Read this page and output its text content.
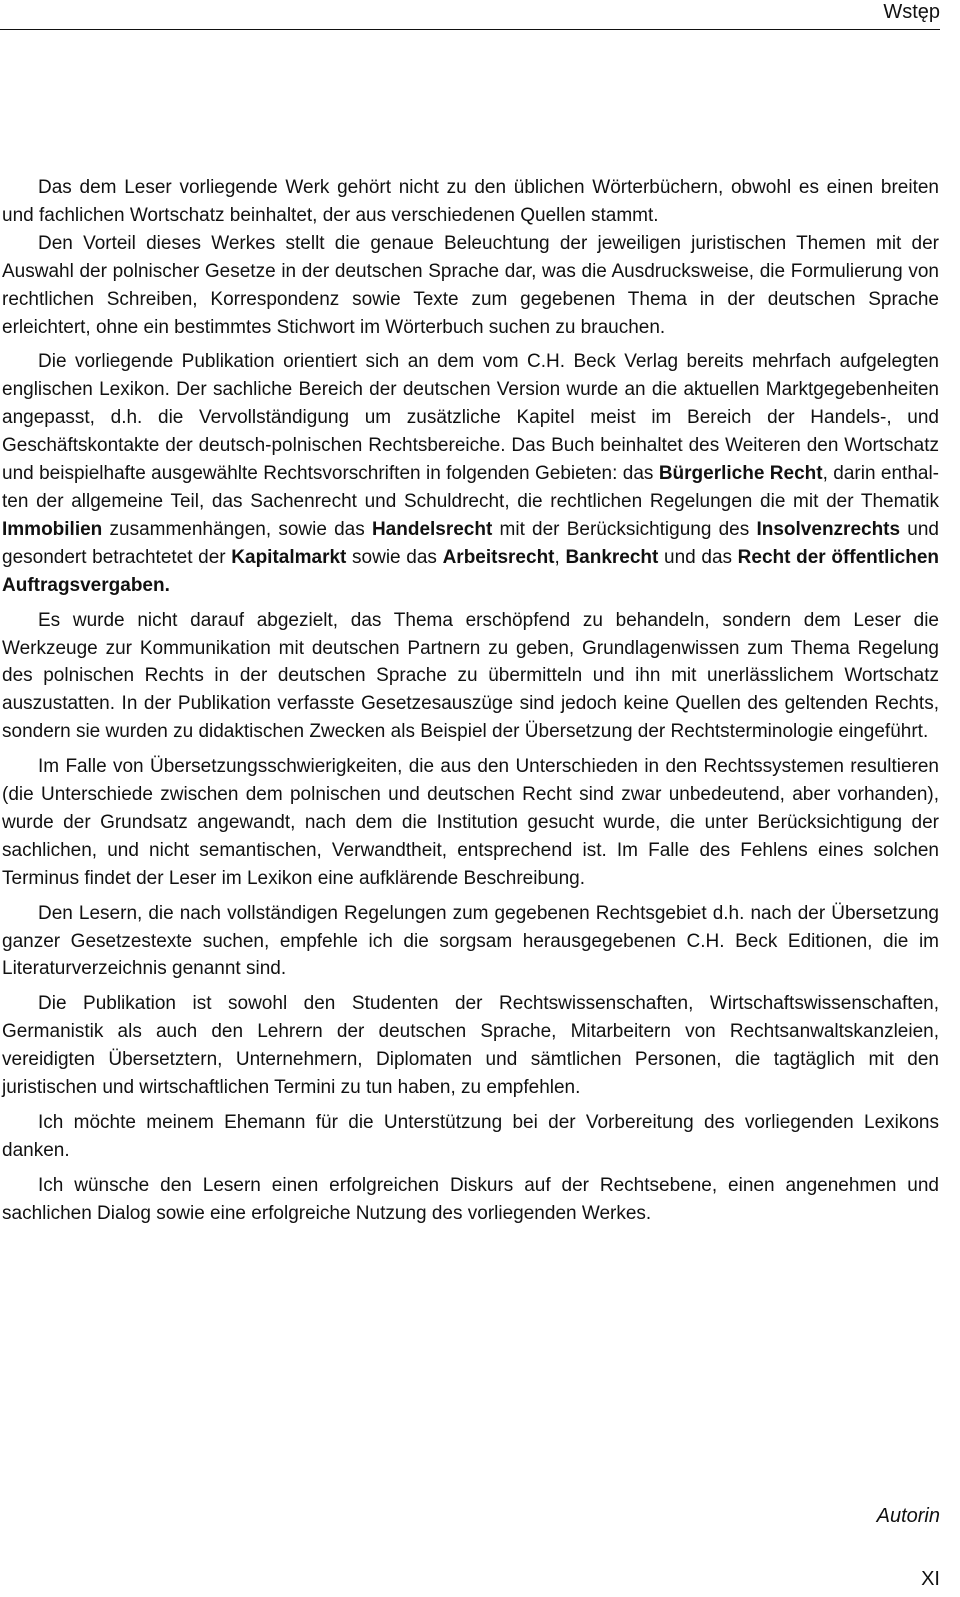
Wstęp

Das dem Leser vorliegende Werk gehört nicht zu den üblichen Wörterbüchern, obwohl es einen breiten und fachlichen Wortschatz beinhaltet, der aus verschiedenen Quellen stammt.

Den Vorteil dieses Werkes stellt die genaue Beleuchtung der jeweiligen juristischen Themen mit der Auswahl der polnischer Gesetze in der deutschen Sprache dar, was die Ausdrucksweise, die Formulierung von rechtlichen Schreiben, Korrespondenz sowie Texte zum gegebenen Thema in der deutschen Sprache erleichtert, ohne ein bestimmtes Stichwort im Wörterbuch suchen zu brauchen.

Die vorliegende Publikation orientiert sich an dem vom C.H. Beck Verlag bereits mehrfach aufgelegten englischen Lexikon. Der sachliche Bereich der deutschen Version wurde an die aktuellen Marktgegebenheiten angepasst, d.h. die Vervollständigung um zusätzliche Kapitel meist im Bereich der Handels-, und Geschäftskontakte der deutsch-polnischen Rechtsbereiche. Das Buch beinhaltet des Weiteren den Wortschatz und beispielhafte ausgewählte Rechtsvorschriften in folgenden Gebieten: das Bürgerliche Recht, darin enthalten der allgemeine Teil, das Sachenrecht und Schuldrecht, die rechtlichen Regelungen die mit der Thematik Immobilien zusammenhängen, sowie das Handelsrecht mit der Berücksichtigung des Insolvenzrechts und gesondert betrachtetet der Kapitalmarkt sowie das Arbeitsrecht, Bankrecht und das Recht der öffentlichen Auftragsvergaben.

Es wurde nicht darauf abgezielt, das Thema erschöpfend zu behandeln, sondern dem Leser die Werkzeuge zur Kommunikation mit deutschen Partnern zu geben, Grundlagenwissen zum Thema Regelung des polnischen Rechts in der deutschen Sprache zu übermitteln und ihn mit unerlässlichem Wortschatz auszustatten. In der Publikation verfasste Gesetzesauszüge sind jedoch keine Quellen des geltenden Rechts, sondern sie wurden zu didaktischen Zwecken als Beispiel der Übersetzung der Rechtsterminologie eingeführt.

Im Falle von Übersetzungsschwierigkeiten, die aus den Unterschieden in den Rechtssystemen resultieren (die Unterschiede zwischen dem polnischen und deutschen Recht sind zwar unbedeutend, aber vorhanden), wurde der Grundsatz angewandt, nach dem die Institution gesucht wurde, die unter Berücksichtigung der sachlichen, und nicht semantischen, Verwandtheit, entsprechend ist. Im Falle des Fehlens eines solchen Terminus findet der Leser im Lexikon eine aufklärende Beschreibung.

Den Lesern, die nach vollständigen Regelungen zum gegebenen Rechtsgebiet d.h. nach der Übersetzung ganzer Gesetzestexte suchen, empfehle ich die sorgsam herausgegebenen C.H. Beck Editionen, die im Literaturverzeichnis genannt sind.

Die Publikation ist sowohl den Studenten der Rechtswissenschaften, Wirtschaftswissenschaften, Germanistik als auch den Lehrern der deutschen Sprache, Mitarbeitern von Rechtsanwaltskanzleien, vereidigten Übersetztern, Unternehmern, Diplomaten und sämtlichen Personen, die tagtäglich mit den juristischen und wirtschaftlichen Termini zu tun haben, zu empfehlen.

Ich möchte meinem Ehemann für die Unterstützung bei der Vorbereitung des vorliegenden Lexikons danken.

Ich wünsche den Lesern einen erfolgreichen Diskurs auf der Rechtsebene, einen angenehmen und sachlichen Dialog sowie eine erfolgreiche Nutzung des vorliegenden Werkes.

Autorin
XI
